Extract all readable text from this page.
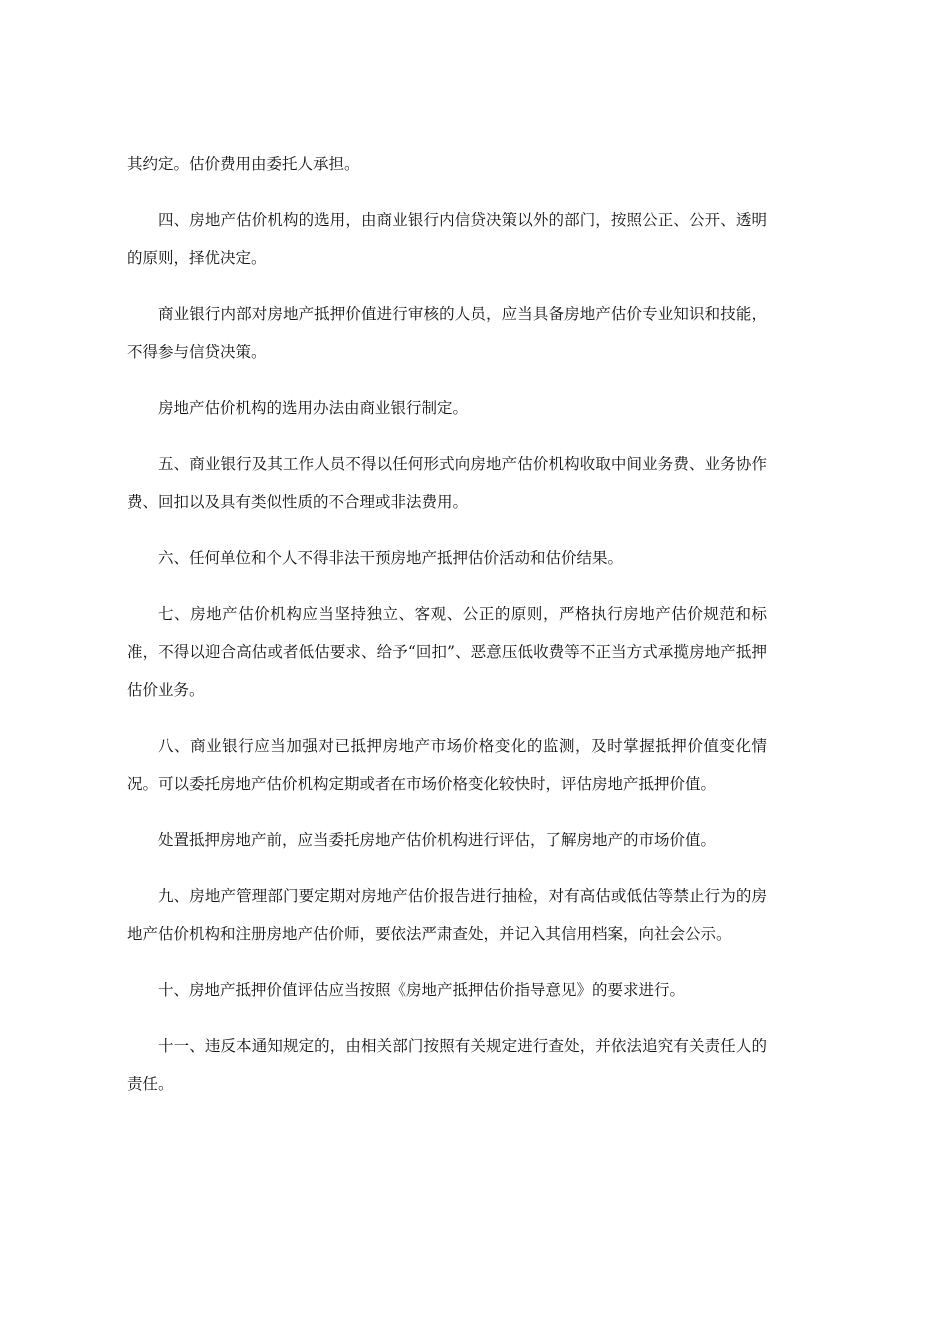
其约定。估价费用由委托人承担。

四、房地产估价机构的选用，由商业银行内信贷决策以外的部门，按照公正、公开、透明的原则，择优决定。

商业银行内部对房地产抵押价值进行审核的人员，应当具备房地产估价专业知识和技能，不得参与信贷决策。

房地产估价机构的选用办法由商业银行制定。

五、商业银行及其工作人员不得以任何形式向房地产估价机构收取中间业务费、业务协作费、回扣以及具有类似性质的不合理或非法费用。

六、任何单位和个人不得非法干预房地产抵押估价活动和估价结果。

七、房地产估价机构应当坚持独立、客观、公正的原则，严格执行房地产估价规范和标准，不得以迎合高估或者低估要求、给予“回扣”、恶意压低收费等不正当方式承揽房地产抵押估价业务。

八、商业银行应当加强对已抵押房地产市场价格变化的监测，及时掌握抵押价值变化情况。可以委托房地产估价机构定期或者在市场价格变化较快时，评估房地产抵押价值。

处置抵押房地产前，应当委托房地产估价机构进行评估，了解房地产的市场价值。

九、房地产管理部门要定期对房地产估价报告进行抽检，对有高估或低估等禁止行为的房地产估价机构和注册房地产估价师，要依法严肃查处，并记入其信用档案，向社会公示。

十、房地产抵押价值评估应当按照《房地产抵押估价指导意见》的要求进行。

十一、违反本通知规定的，由相关部门按照有关规定进行查处，并依法追究有关责任人的责任。
